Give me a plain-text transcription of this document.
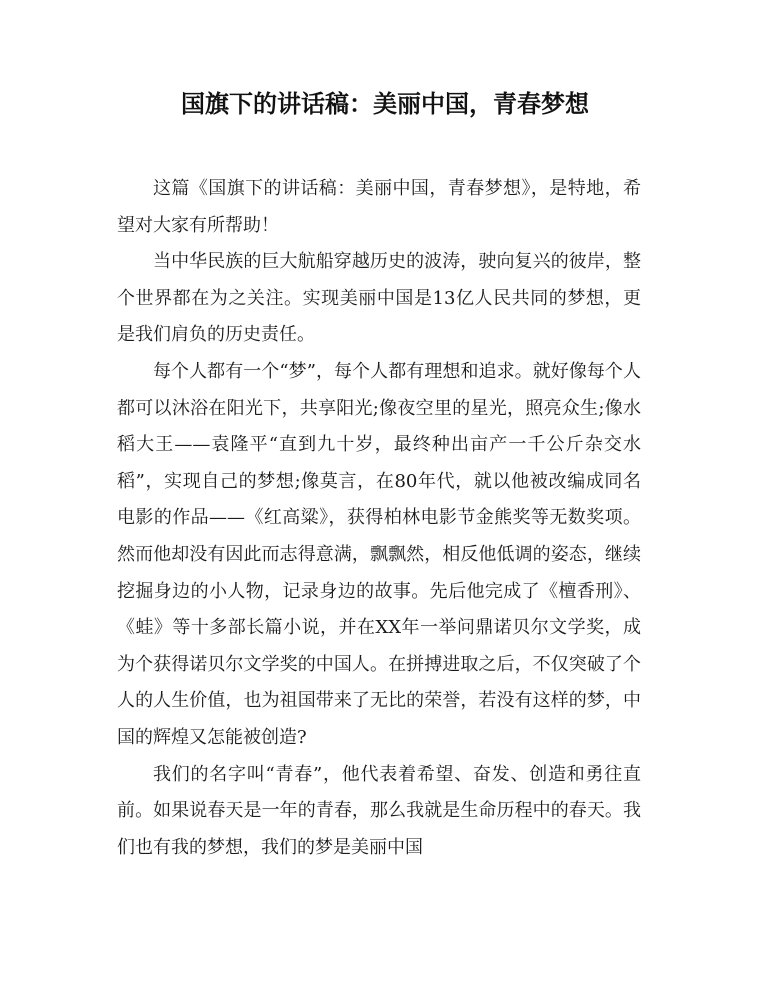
国旗下的讲话稿：美丽中国，青春梦想

这篇《国旗下的讲话稿：美丽中国，青春梦想》，是特地，希望对大家有所帮助！

当中华民族的巨大航船穿越历史的波涛，驶向复兴的彼岸，整个世界都在为之关注。实现美丽中国是13亿人民共同的梦想，更是我们肩负的历史责任。

每个人都有一个“梦”，每个人都有理想和追求。就好像每个人都可以沐浴在阳光下，共享阳光;像夜空里的星光，照亮众生;像水稻大王——袁隆平“直到九十岁，最终种出亩产一千公斤杂交水稻”，实现自己的梦想;像莫言，在80年代，就以他被改编成同名电影的作品——《红高粱》，获得柏林电影节金熊奖等无数奖项。然而他却没有因此而志得意满，飘飘然，相反他低调的姿态，继续挖掘身边的小人物，记录身边的故事。先后他完成了《檀香刑》、《蛙》等十多部长篇小说，并在XX年一举问鼎诺贝尔文学奖，成为个获得诺贝尔文学奖的中国人。在拼搏进取之后，不仅突破了个人的人生价值，也为祖国带来了无比的荣誉，若没有这样的梦，中国的辉煌又怎能被创造?

我们的名字叫“青春”，他代表着希望、奋发、创造和勇往直前。如果说春天是一年的青春，那么我就是生命历程中的春天。我们也有我的梦想，我们的梦是美丽中国
